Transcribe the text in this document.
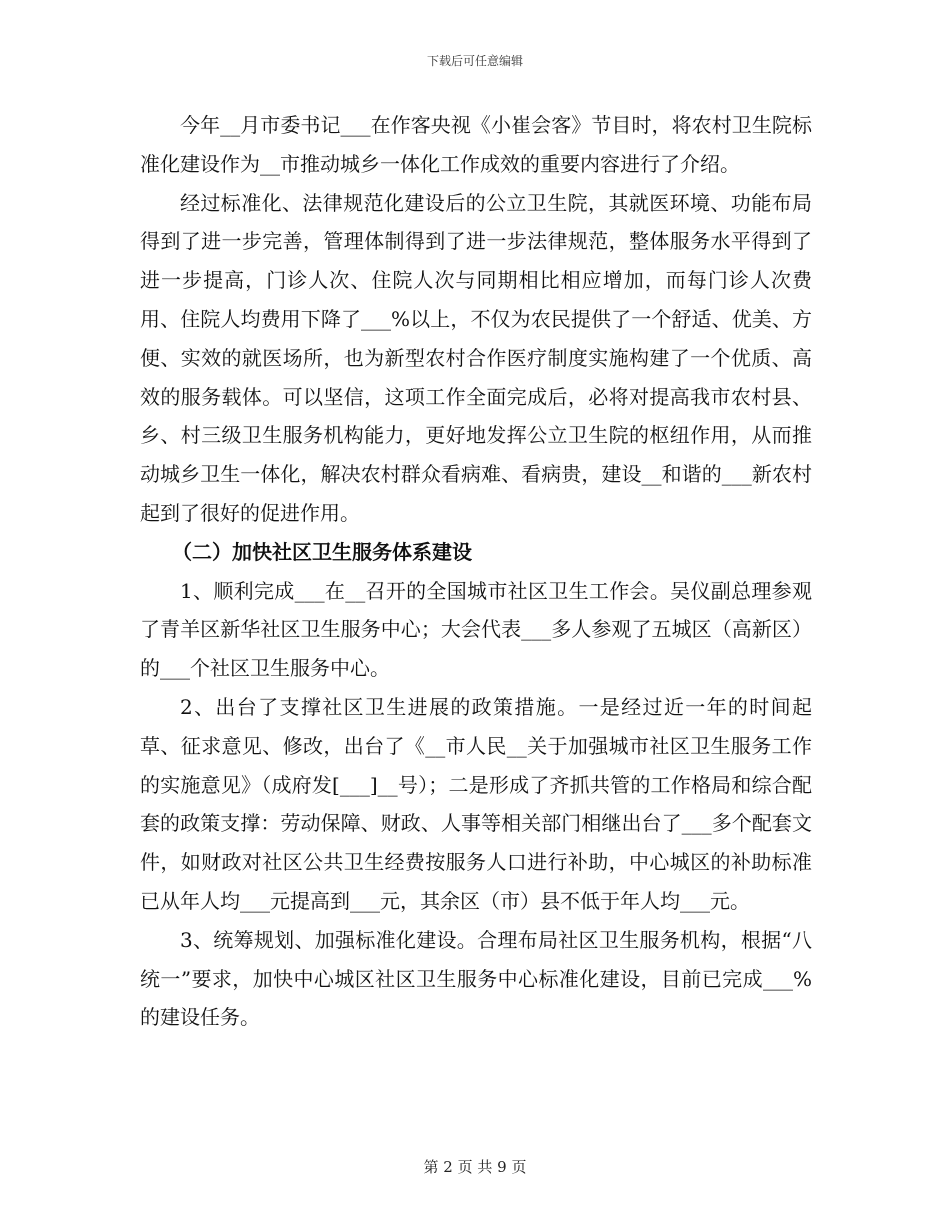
下载后可任意编辑

今年__月市委书记___在作客央视《小崔会客》节目时，将农村卫生院标准化建设作为__市推动城乡一体化工作成效的重要内容进行了介绍。

经过标准化、法律规范化建设后的公立卫生院，其就医环境、功能布局得到了进一步完善，管理体制得到了进一步法律规范，整体服务水平得到了进一步提高，门诊人次、住院人次与同期相比相应增加，而每门诊人次费用、住院人均费用下降了___%以上，不仅为农民提供了一个舒适、优美、方便、实效的就医场所，也为新型农村合作医疗制度实施构建了一个优质、高效的服务载体。可以坚信，这项工作全面完成后，必将对提高我市农村县、乡、村三级卫生服务机构能力，更好地发挥公立卫生院的枢纽作用，从而推动城乡卫生一体化，解决农村群众看病难、看病贵，建设__和谐的___新农村起到了很好的促进作用。

（二）加快社区卫生服务体系建设

1、顺利完成___在__召开的全国城市社区卫生工作会。吴仪副总理参观了青羊区新华社区卫生服务中心；大会代表___多人参观了五城区（高新区）的___个社区卫生服务中心。

2、出台了支撑社区卫生进展的政策措施。一是经过近一年的时间起草、征求意见、修改，出台了《__市人民__关于加强城市社区卫生服务工作的实施意见》（成府发[___]__号）；二是形成了齐抓共管的工作格局和综合配套的政策支撑：劳动保障、财政、人事等相关部门相继出台了___多个配套文件，如财政对社区公共卫生经费按服务人口进行补助，中心城区的补助标准已从年人均___元提高到___元，其余区（市）县不低于年人均___元。

3、统筹规划、加强标准化建设。合理布局社区卫生服务机构，根据“八统一”要求，加快中心城区社区卫生服务中心标准化建设，目前已完成___%的建设任务。

第 2 页 共 9 页
